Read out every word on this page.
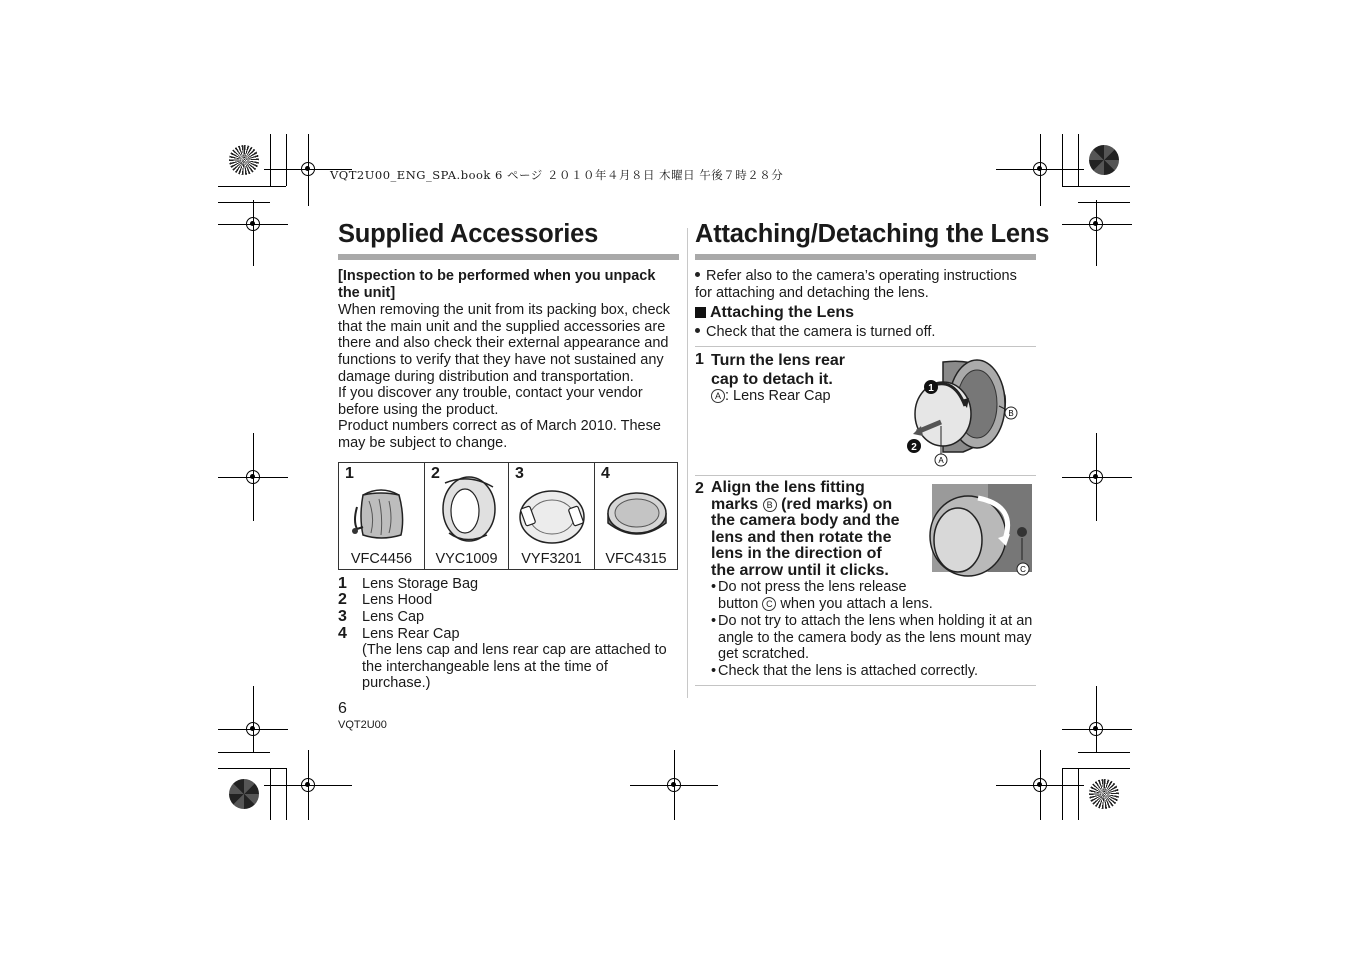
VQT2U00_ENG_SPA.book 6 ページ ２０１０年４月８日 木曜日 午後７時２８分
Supplied Accessories
[Inspection to be performed when you unpack the unit]
When removing the unit from its packing box, check that the main unit and the supplied accessories are there and also check their external appearance and functions to verify that they have not sustained any damage during distribution and transportation.
If you discover any trouble, contact your vendor before using the product.
Product numbers correct as of March 2010. These may be subject to change.
1
VFC4456
2
VYC1009
3
VYF3201
4
VFC4315
1 Lens Storage Bag
2 Lens Hood
3 Lens Cap
4 Lens Rear Cap
(The lens cap and lens rear cap are attached to the interchangeable lens at the time of purchase.)
6
VQT2U00
Attaching/Detaching the Lens
Refer also to the camera’s operating instructions for attaching and detaching the lens.
Attaching the Lens
Check that the camera is turned off.
1 Turn the lens rear cap to detach it.
A : Lens Rear Cap	1
2
B
A
2 Align the lens fitting
marks B (red marks) on
the camera body and the
lens and then rotate the
lens in the direction of
the arrow until it clicks.	C
• Do not press the lens release
button C when you attach a lens.
• Do not try to attach the lens when holding it at an angle to the camera body as the lens mount may get scratched.
• Check that the lens is attached correctly.
